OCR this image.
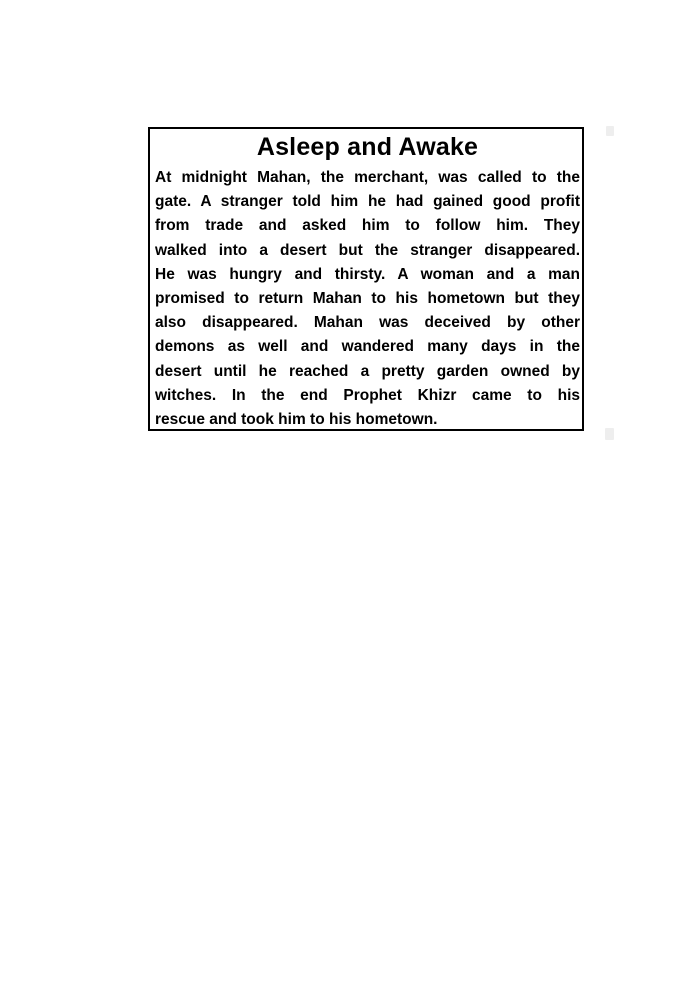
Asleep and Awake
At midnight Mahan, the merchant, was called to the
gate. A stranger told him he had gained good profit
from trade and asked him to follow him. They
walked into a desert but the stranger disappeared.
He was hungry and thirsty. A woman and a man
promised to return Mahan to his hometown but they
also disappeared. Mahan was deceived by other
demons as well and wandered many days in the
desert until he reached a pretty garden owned by
witches. In the end Prophet Khizr came to his
rescue and took him to his hometown.
